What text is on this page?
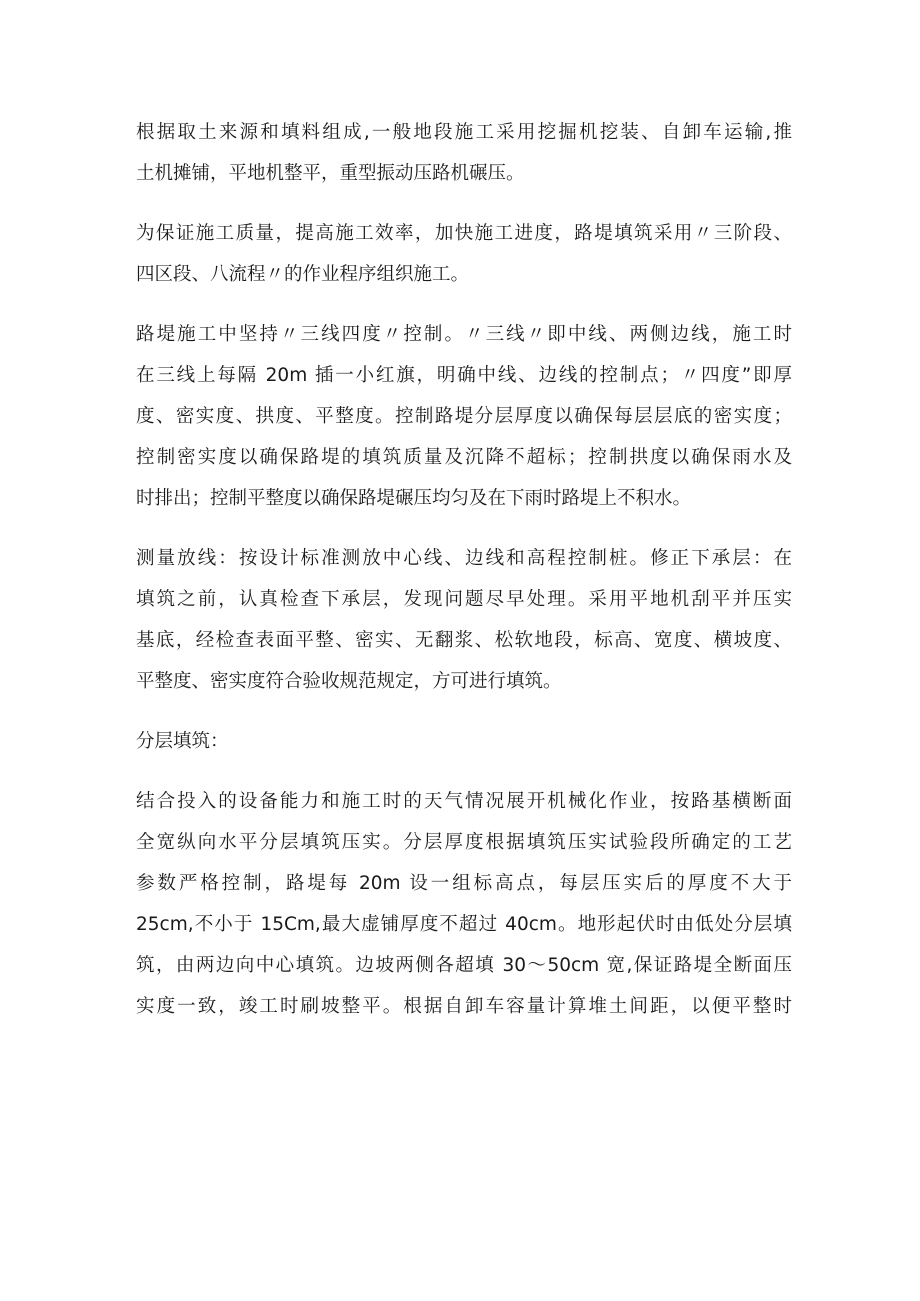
根据取土来源和填料组成,一般地段施工采用挖掘机挖装、自卸车运输,推
土机摊铺，平地机整平，重型振动压路机碾压。

为保证施工质量，提高施工效率，加快施工进度，路堤填筑采用〃三阶段、
四区段、八流程〃的作业程序组织施工。

路堤施工中坚持〃三线四度〃控制。〃三线〃即中线、两侧边线，施工时
在三线上每隔 20m 插一小红旗，明确中线、边线的控制点；〃四度”即厚
度、密实度、拱度、平整度。控制路堤分层厚度以确保每层层底的密实度；
控制密实度以确保路堤的填筑质量及沉降不超标；控制拱度以确保雨水及
时排出；控制平整度以确保路堤碾压均匀及在下雨时路堤上不积水。

测量放线：按设计标准测放中心线、边线和高程控制桩。修正下承层：在
填筑之前，认真检查下承层，发现问题尽早处理。采用平地机刮平并压实
基底，经检查表面平整、密实、无翻浆、松软地段，标高、宽度、横坡度、
平整度、密实度符合验收规范规定，方可进行填筑。

分层填筑：

结合投入的设备能力和施工时的天气情况展开机械化作业，按路基横断面
全宽纵向水平分层填筑压实。分层厚度根据填筑压实试验段所确定的工艺
参数严格控制，路堤每 20m 设一组标高点，每层压实后的厚度不大于
25cm,不小于 15Cm,最大虚铺厚度不超过 40cm。地形起伏时由低处分层填
筑，由两边向中心填筑。边坡两侧各超填 30～50cm 宽,保证路堤全断面压
实度一致，竣工时刷坡整平。根据自卸车容量计算堆土间距，以便平整时
